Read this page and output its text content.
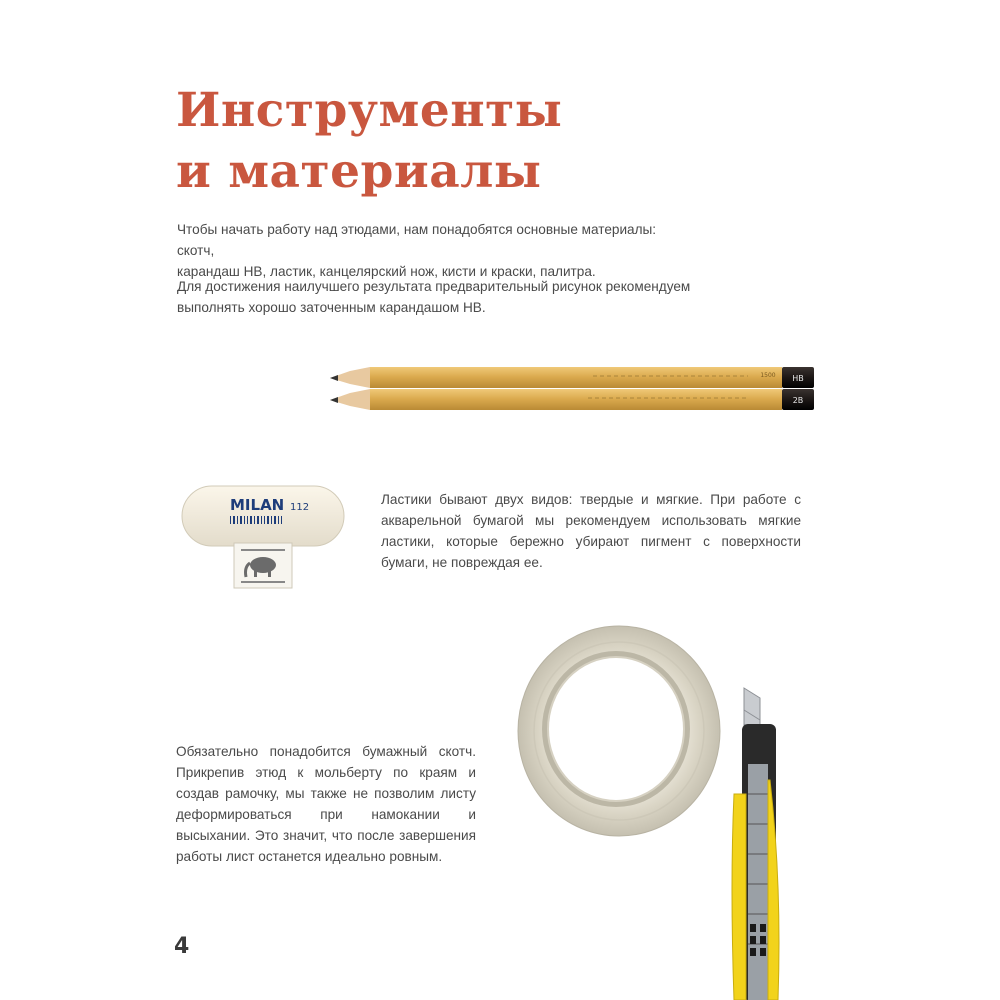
Инструменты
и материалы
Чтобы начать работу над этюдами, нам понадобятся основные материалы: скотч,
карандаш HB, ластик, канцелярский нож, кисти и краски, палитра.
Для достижения наилучшего результата предварительный рисунок рекомендуем
выполнять хорошо заточенным карандашом HB.
HB
1500
2B
MILAN 112
Ластики бывают двух видов: твердые и мягкие. При работе с акварельной бумагой мы рекомендуем использовать мягкие ластики, которые бережно убирают пигмент с поверхности бумаги, не повреждая ее.
Обязательно понадобится бумажный скотч. Прикрепив этюд к мольберту по краям и создав рамочку, мы также не позволим листу деформироваться при намокании и высыхании. Это значит, что после завершения работы лист останется идеально ровным.
4
